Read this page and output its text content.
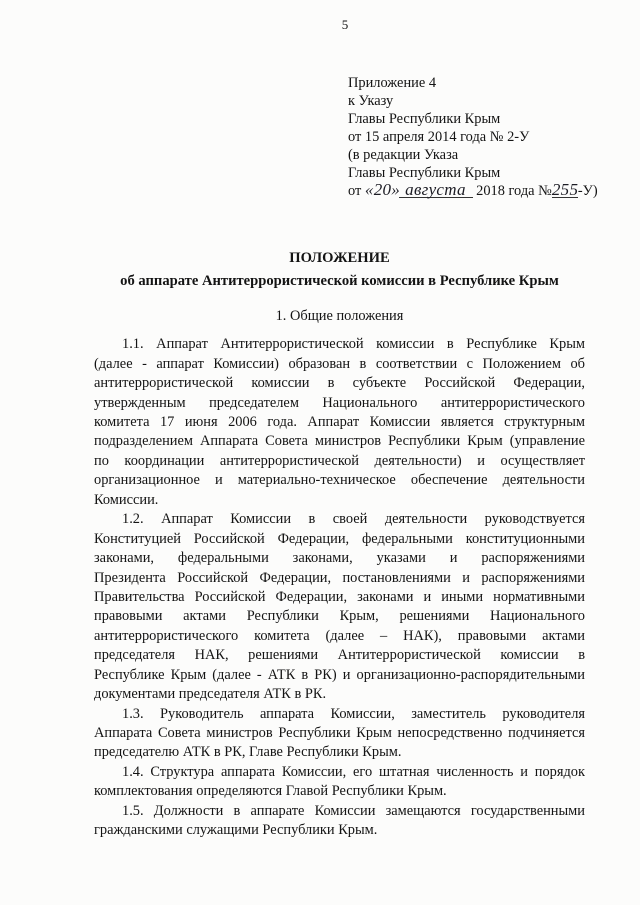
5
Приложение 4
к Указу
Главы Республики Крым
от 15 апреля 2014 года № 2-У
(в редакции Указа
Главы Республики Крым
от «20» августа 2018 года №255-У)
ПОЛОЖЕНИЕ
об аппарате Антитеррористической комиссии в Республике Крым
1. Общие положения
1.1. Аппарат Антитеррористической комиссии в Республике Крым
(далее - аппарат Комиссии) образован в соответствии с Положением об
антитеррористической комиссии в субъекте Российской Федерации,
утвержденным председателем Национального антитеррористического
комитета 17 июня 2006 года. Аппарат Комиссии является структурным
подразделением Аппарата Совета министров Республики Крым (управление
по координации антитеррористической деятельности) и осуществляет
организационное и материально-техническое обеспечение деятельности
Комиссии.
1.2. Аппарат Комиссии в своей деятельности руководствуется
Конституцией Российской Федерации, федеральными конституционными
законами, федеральными законами, указами и распоряжениями
Президента Российской Федерации, постановлениями и распоряжениями
Правительства Российской Федерации, законами и иными нормативными
правовыми актами Республики Крым, решениями Национального
антитеррористического комитета (далее – НАК), правовыми актами
председателя НАК, решениями Антитеррористической комиссии в
Республике Крым (далее - АТК в РК) и организационно-распорядительными
документами председателя АТК в РК.
1.3. Руководитель аппарата Комиссии, заместитель руководителя
Аппарата Совета министров Республики Крым непосредственно подчиняется
председателю АТК в РК, Главе Республики Крым.
1.4. Структура аппарата Комиссии, его штатная численность и порядок
комплектования определяются Главой Республики Крым.
1.5. Должности в аппарате Комиссии замещаются государственными
гражданскими служащими Республики Крым.
